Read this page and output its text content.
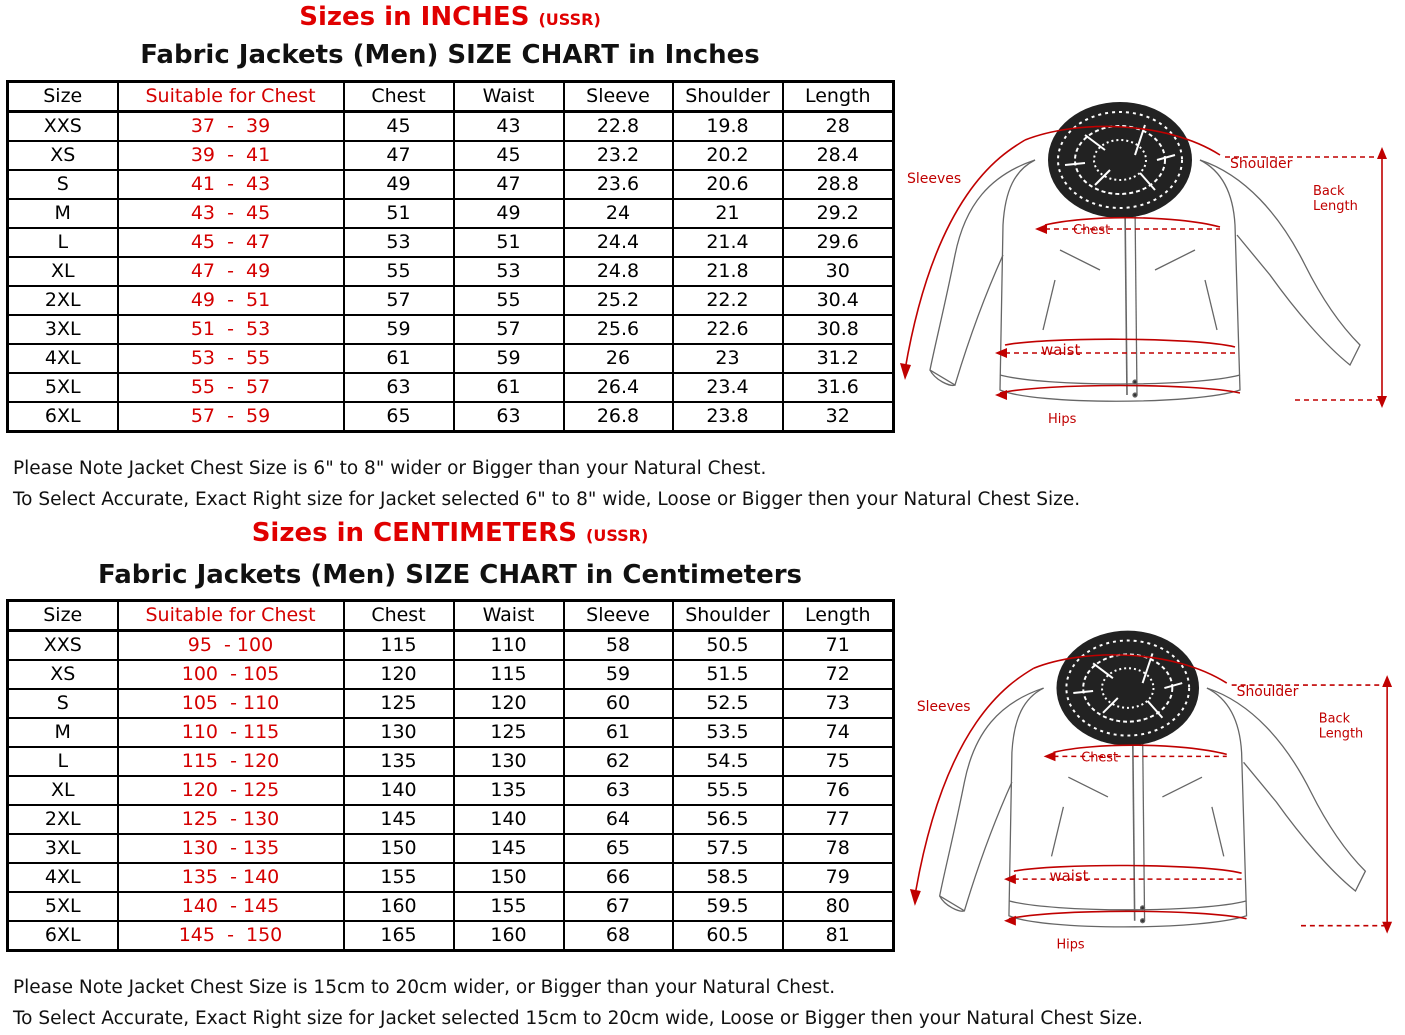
Sizes in INCHES (USSR)
Fabric Jackets (Men) SIZE CHART in Inches
Size	Suitable for Chest	Chest	Waist	Sleeve	Shoulder	Length
XXS	37  -  39	45	43	22.8	19.8	28
XS	39  -  41	47	45	23.2	20.2	28.4
S	41  -  43	49	47	23.6	20.6	28.8
M	43  -  45	51	49	24	21	29.2
L	45  -  47	53	51	24.4	21.4	29.6
XL	47  -  49	55	53	24.8	21.8	30
2XL	49  -  51	57	55	25.2	22.2	30.4
3XL	51  -  53	59	57	25.6	22.6	30.8
4XL	53  -  55	61	59	26	23	31.2
5XL	55  -  57	63	61	26.4	23.4	31.6
6XL	57  -  59	65	63	26.8	23.8	32
Please Note Jacket Chest Size is 6" to 8" wider or Bigger than your Natural Chest.
To Select Accurate, Exact Right size for Jacket selected 6" to 8" wide, Loose or Bigger then your Natural Chest Size.
Sizes in CENTIMETERS (USSR)
Fabric Jackets (Men) SIZE CHART in Centimeters
Size	Suitable for Chest	Chest	Waist	Sleeve	Shoulder	Length
XXS	95  - 100	115	110	58	50.5	71
XS	100  - 105	120	115	59	51.5	72
S	105  - 110	125	120	60	52.5	73
M	110  - 115	130	125	61	53.5	74
L	115  - 120	135	130	62	54.5	75
XL	120  - 125	140	135	63	55.5	76
2XL	125  - 130	145	140	64	56.5	77
3XL	130  - 135	150	145	65	57.5	78
4XL	135  - 140	155	150	66	58.5	79
5XL	140  - 145	160	155	67	59.5	80
6XL	145  -  150	165	160	68	60.5	81
Please Note Jacket Chest Size is 15cm to 20cm wider, or Bigger than your Natural Chest.
To Select Accurate, Exact Right size for Jacket selected 15cm to 20cm wide, Loose or Bigger then your Natural Chest Size.
Sleeves
Shoulder
Back
Length
Chest
waist
Hips
Sleeves
Shoulder
Back
Length
Chest
waist
Hips
